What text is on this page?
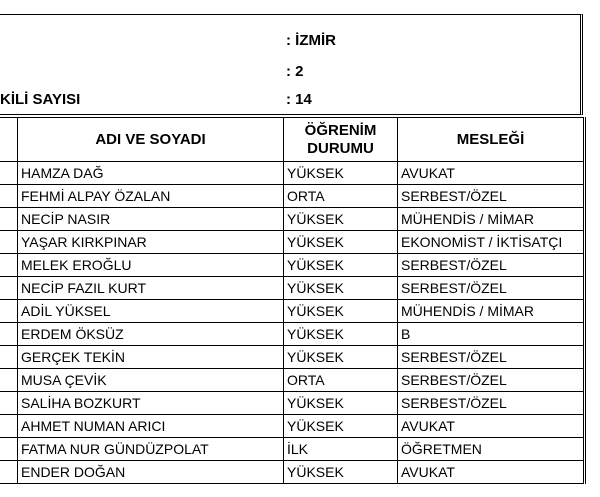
: İZMİR
: 2
KİLİ SAYISI	: 14
	ADI VE SOYADI	ÖĞRENİM DURUMU	MESLEĞİ
	HAMZA DAĞ	YÜKSEK	AVUKAT
	FEHMİ ALPAY ÖZALAN	ORTA	SERBEST/ÖZEL
	NECİP NASIR	YÜKSEK	MÜHENDİS / MİMAR
	YAŞAR KIRKPINAR	YÜKSEK	EKONOMİST / İKTİSATÇI
	MELEK EROĞLU	YÜKSEK	SERBEST/ÖZEL
	NECİP FAZIL KURT	YÜKSEK	SERBEST/ÖZEL
	ADİL YÜKSEL	YÜKSEK	MÜHENDİS / MİMAR
	ERDEM ÖKSÜZ	YÜKSEK	B
	GERÇEK TEKİN	YÜKSEK	SERBEST/ÖZEL
	MUSA ÇEVİK	ORTA	SERBEST/ÖZEL
	SALİHA BOZKURT	YÜKSEK	SERBEST/ÖZEL
	AHMET NUMAN ARICI	YÜKSEK	AVUKAT
	FATMA NUR GÜNDÜZPOLAT	İLK	ÖĞRETMEN
	ENDER DOĞAN	YÜKSEK	AVUKAT
